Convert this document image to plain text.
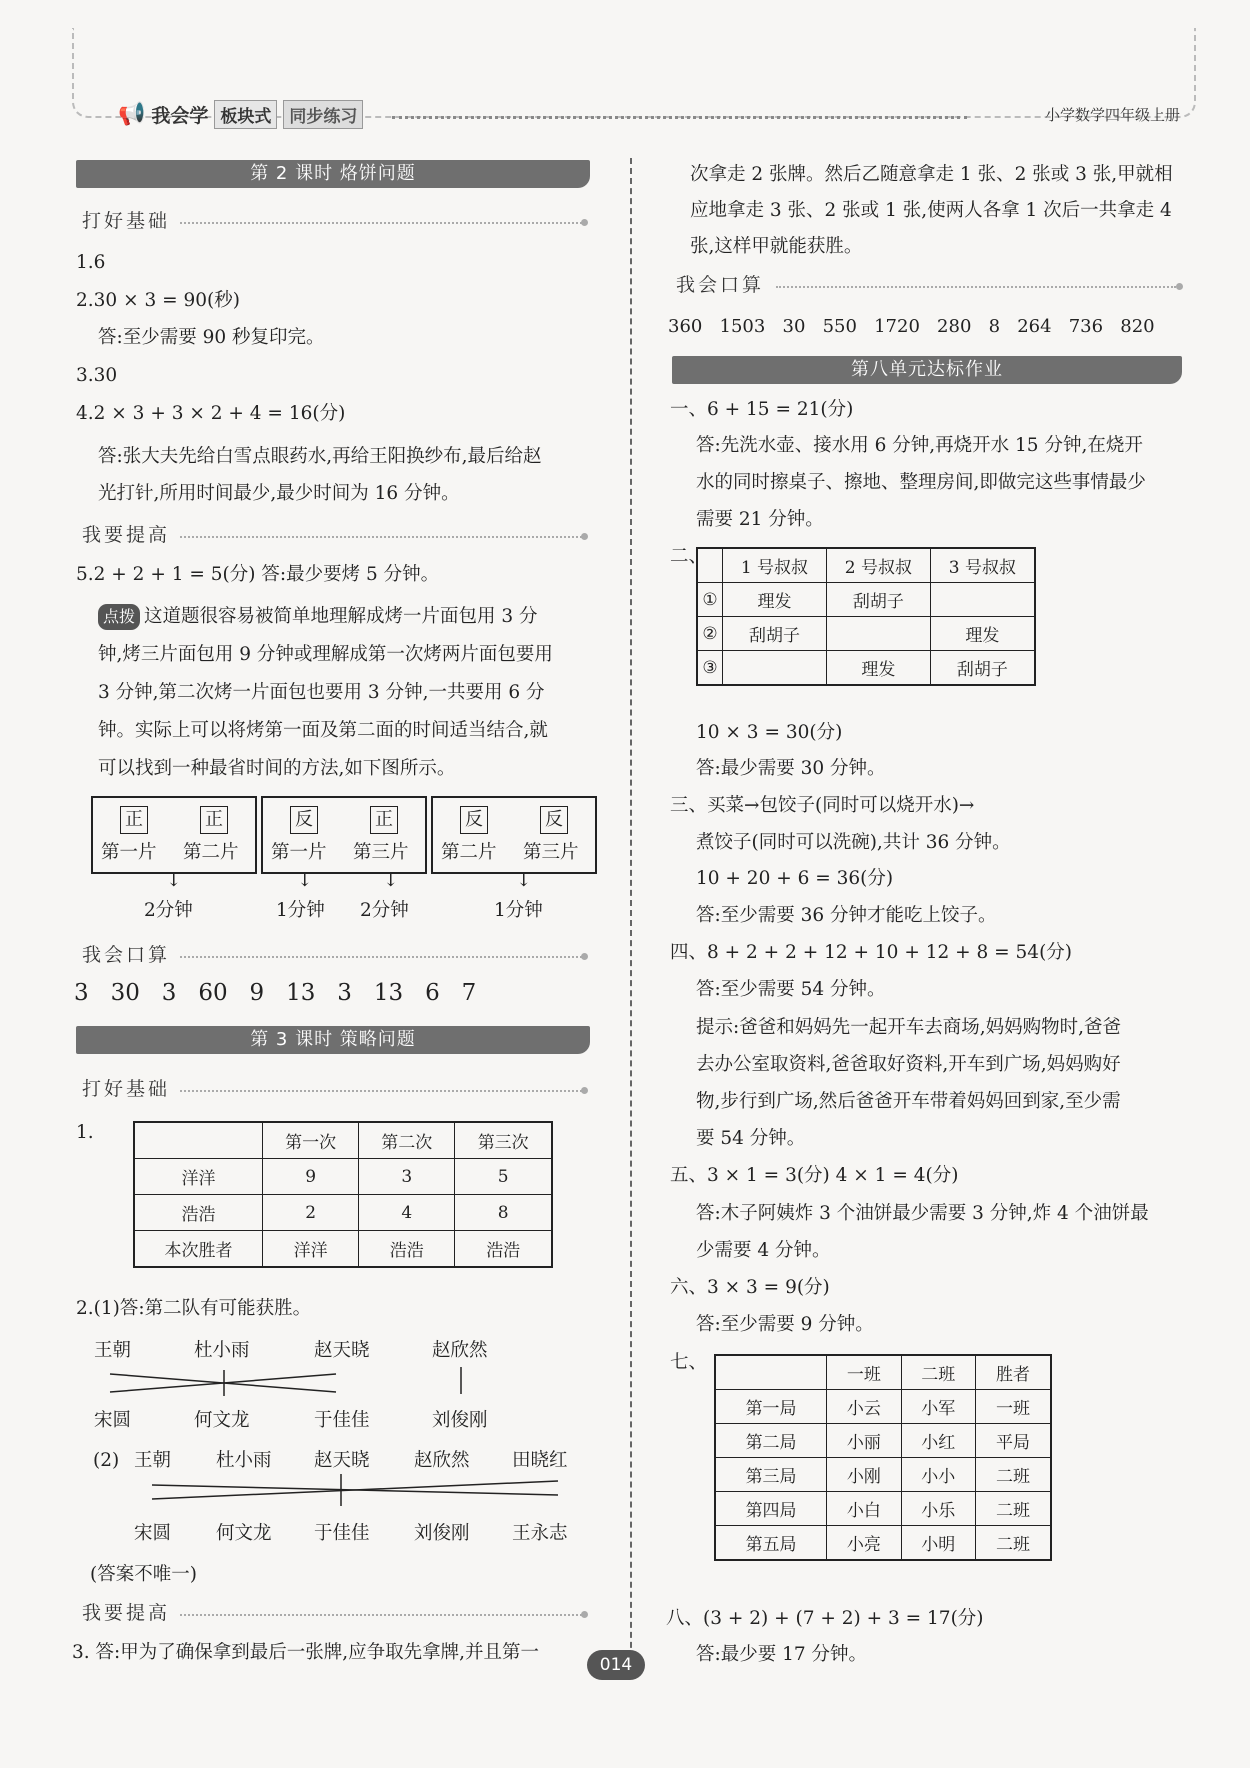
📢 我会学 板块式	同步练习	小学数学四年级上册
第 2 课时 烙饼问题
打好基础
1.6
2.30 × 3 = 90(秒)
答:至少需要 90 秒复印完。
3.30
4.2 × 3 + 3 × 2 + 4 = 16(分)
答:张大夫先给白雪点眼药水,再给王阳换纱布,最后给赵
光打针,所用时间最少,最少时间为 16 分钟。
我要提高
5.2 + 2 + 1 = 5(分) 答:最少要烤 5 分钟。
点拨 这道题很容易被简单地理解成烤一片面包用 3 分
钟,烤三片面包用 9 分钟或理解成第一次烤两片面包要用
3 分钟,第二次烤一片面包也要用 3 分钟,一共要用 6 分
钟。实际上可以将烤第一面及第二面的时间适当结合,就
可以找到一种最省时间的方法,如下图所示。
正	正
第一片 第二片
反	正
第一片 第三片
反	反
第二片 第三片
↓	↓	↓	↓
2分钟	1分钟 2分钟	1分钟
我会口算
3   30   3   60   9   13   3   13   6   7
第 3 课时 策略问题
打好基础
1.
		第一次	第二次	第三次
洋洋	9	3	5
浩浩	2	4	8
本次胜者	洋洋	浩浩	浩浩
2.(1)答:第二队有可能获胜。
王朝	杜小雨	赵天晓	赵欣然
宋圆	何文龙	于佳佳	刘俊刚
(2) 王朝 杜小雨 赵天晓 赵欣然 田晓红
宋圆 何文龙 于佳佳 刘俊刚 王永志
(答案不唯一)
我要提高
3. 答:甲为了确保拿到最后一张牌,应争取先拿牌,并且第一
次拿走 2 张牌。然后乙随意拿走 1 张、2 张或 3 张,甲就相
应地拿走 3 张、2 张或 1 张,使两人各拿 1 次后一共拿走 4
张,这样甲就能获胜。
我会口算
360   1503   30   550   1720   280   8   264   736   820
第八单元达标作业
一、6 + 15 = 21(分)
答:先洗水壶、接水用 6 分钟,再烧开水 15 分钟,在烧开
水的同时擦桌子、擦地、整理房间,即做完这些事情最少
需要 21 分钟。
二、
	1 号叔叔	2 号叔叔	3 号叔叔
①	理发	刮胡子	
②	刮胡子		理发
③		理发	刮胡子
10 × 3 = 30(分)
答:最少需要 30 分钟。
三、买菜→包饺子(同时可以烧开水)→
煮饺子(同时可以洗碗),共计 36 分钟。
10 + 20 + 6 = 36(分)
答:至少需要 36 分钟才能吃上饺子。
四、8 + 2 + 2 + 12 + 10 + 12 + 8 = 54(分)
答:至少需要 54 分钟。
提示:爸爸和妈妈先一起开车去商场,妈妈购物时,爸爸
去办公室取资料,爸爸取好资料,开车到广场,妈妈购好
物,步行到广场,然后爸爸开车带着妈妈回到家,至少需
要 54 分钟。
五、3 × 1 = 3(分) 4 × 1 = 4(分)
答:木子阿姨炸 3 个油饼最少需要 3 分钟,炸 4 个油饼最
少需要 4 分钟。
六、3 × 3 = 9(分)
答:至少需要 9 分钟。
七、
	一班	二班	胜者
第一局	小云	小军	一班
第二局	小丽	小红	平局
第三局	小刚	小小	二班
第四局	小白	小乐	二班
第五局	小亮	小明	二班
八、(3 + 2) + (7 + 2) + 3 = 17(分)
答:最少要 17 分钟。
014
